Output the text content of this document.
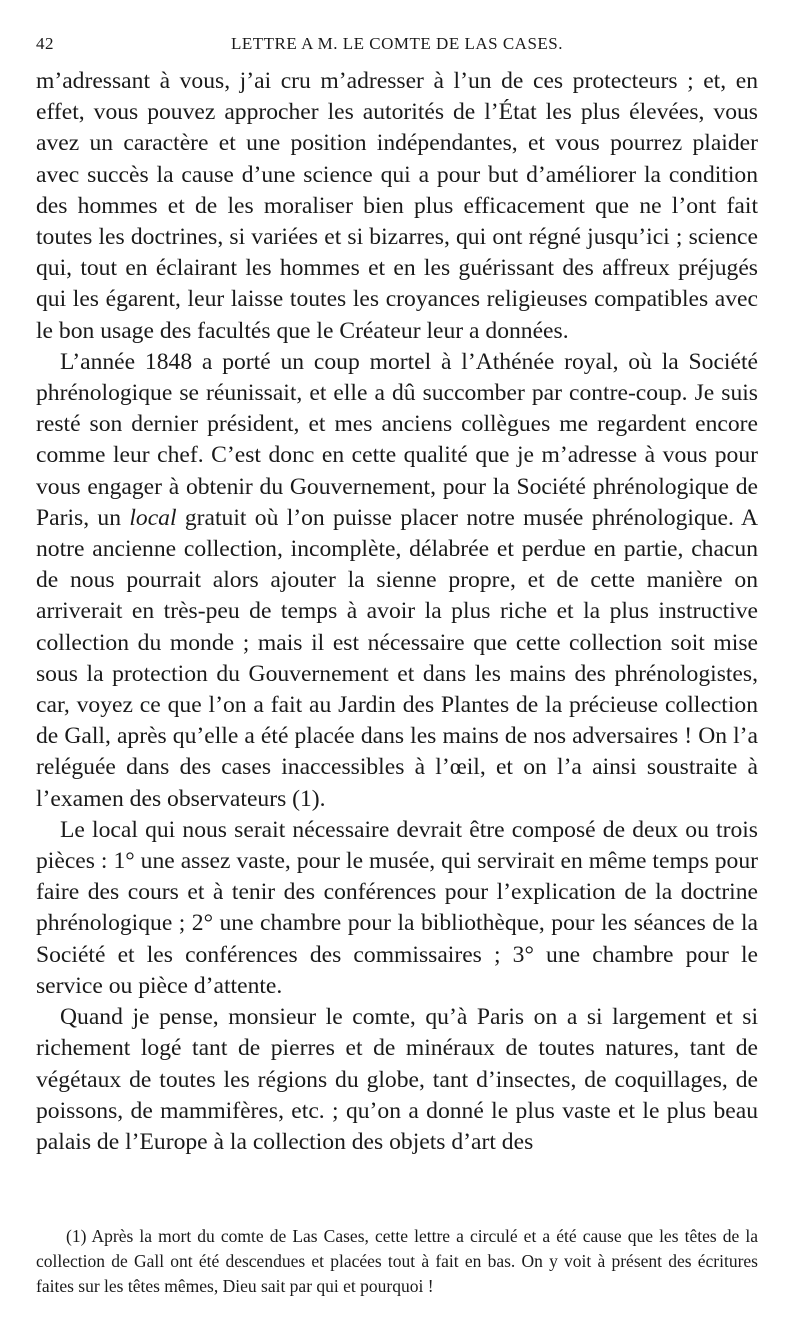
42	LETTRE A M. LE COMTE DE LAS CASES.

m’adressant à vous, j’ai cru m’adresser à l’un de ces protecteurs ; et, en effet, vous pouvez approcher les autorités de l’État les plus élevées, vous avez un caractère et une position indépendantes, et vous pourrez plaider avec succès la cause d’une science qui a pour but d’améliorer la condition des hommes et de les moraliser bien plus efficacement que ne l’ont fait toutes les doctrines, si variées et si bizarres, qui ont régné jusqu’ici ; science qui, tout en éclairant les hommes et en les guérissant des affreux préjugés qui les égarent, leur laisse toutes les croyances religieuses compatibles avec le bon usage des facultés que le Créateur leur a données.

L’année 1848 a porté un coup mortel à l’Athénée royal, où la Société phrénologique se réunissait, et elle a dû succomber par contre-coup. Je suis resté son dernier président, et mes anciens collègues me regardent encore comme leur chef. C’est donc en cette qualité que je m’adresse à vous pour vous engager à obtenir du Gouvernement, pour la Société phrénologique de Paris, un local gratuit où l’on puisse placer notre musée phrénologique. A notre ancienne collection, incomplète, délabrée et perdue en partie, chacun de nous pourrait alors ajouter la sienne propre, et de cette manière on arriverait en très-peu de temps à avoir la plus riche et la plus instructive collection du monde ; mais il est nécessaire que cette collection soit mise sous la protection du Gouvernement et dans les mains des phrénologistes, car, voyez ce que l’on a fait au Jardin des Plantes de la précieuse collection de Gall, après qu’elle a été placée dans les mains de nos adversaires ! On l’a reléguée dans des cases inaccessibles à l’œil, et on l’a ainsi soustraite à l’examen des observateurs (1).

Le local qui nous serait nécessaire devrait être composé de deux ou trois pièces : 1° une assez vaste, pour le musée, qui servirait en même temps pour faire des cours et à tenir des conférences pour l’explication de la doctrine phrénologique ; 2° une chambre pour la bibliothèque, pour les séances de la Société et les conférences des commissaires ; 3° une chambre pour le service ou pièce d’attente.

Quand je pense, monsieur le comte, qu’à Paris on a si largement et si richement logé tant de pierres et de minéraux de toutes natures, tant de végétaux de toutes les régions du globe, tant d’insectes, de coquillages, de poissons, de mammifères, etc. ; qu’on a donné le plus vaste et le plus beau palais de l’Europe à la collection des objets d’art des

(1) Après la mort du comte de Las Cases, cette lettre a circulé et a été cause que les têtes de la collection de Gall ont été descendues et placées tout à fait en bas. On y voit à présent des écritures faites sur les têtes mêmes, Dieu sait par qui et pourquoi !
